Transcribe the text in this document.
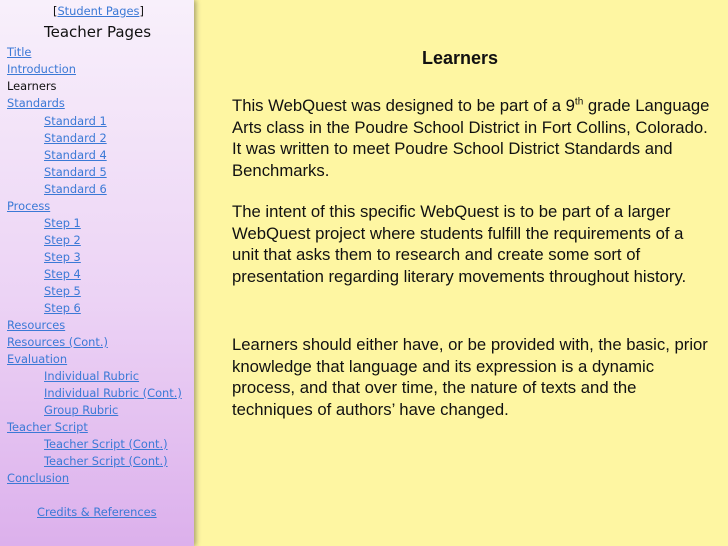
[Student Pages]
Teacher Pages
Title
Introduction
Learners
Standards
Standard 1
Standard 2
Standard 4
Standard 5
Standard 6
Process
Step 1
Step 2
Step 3
Step 4
Step 5
Step 6
Resources
Resources (Cont.)
Evaluation
Individual Rubric
Individual Rubric (Cont.)
Group Rubric
Teacher Script
Teacher Script (Cont.)
Teacher Script (Cont.)
Conclusion
Credits & References
Learners

This WebQuest was designed to be part of a 9th grade Language Arts class in the Poudre School District in Fort Collins, Colorado. It was written to meet Poudre School District Standards and Benchmarks.

The intent of this specific WebQuest is to be part of a larger WebQuest project where students fulfill the requirements of a unit that asks them to research and create some sort of presentation regarding literary movements throughout history.

Learners should either have, or be provided with, the basic, prior knowledge that language and its expression is a dynamic process, and that over time, the nature of texts and the techniques of authors’ have changed.
